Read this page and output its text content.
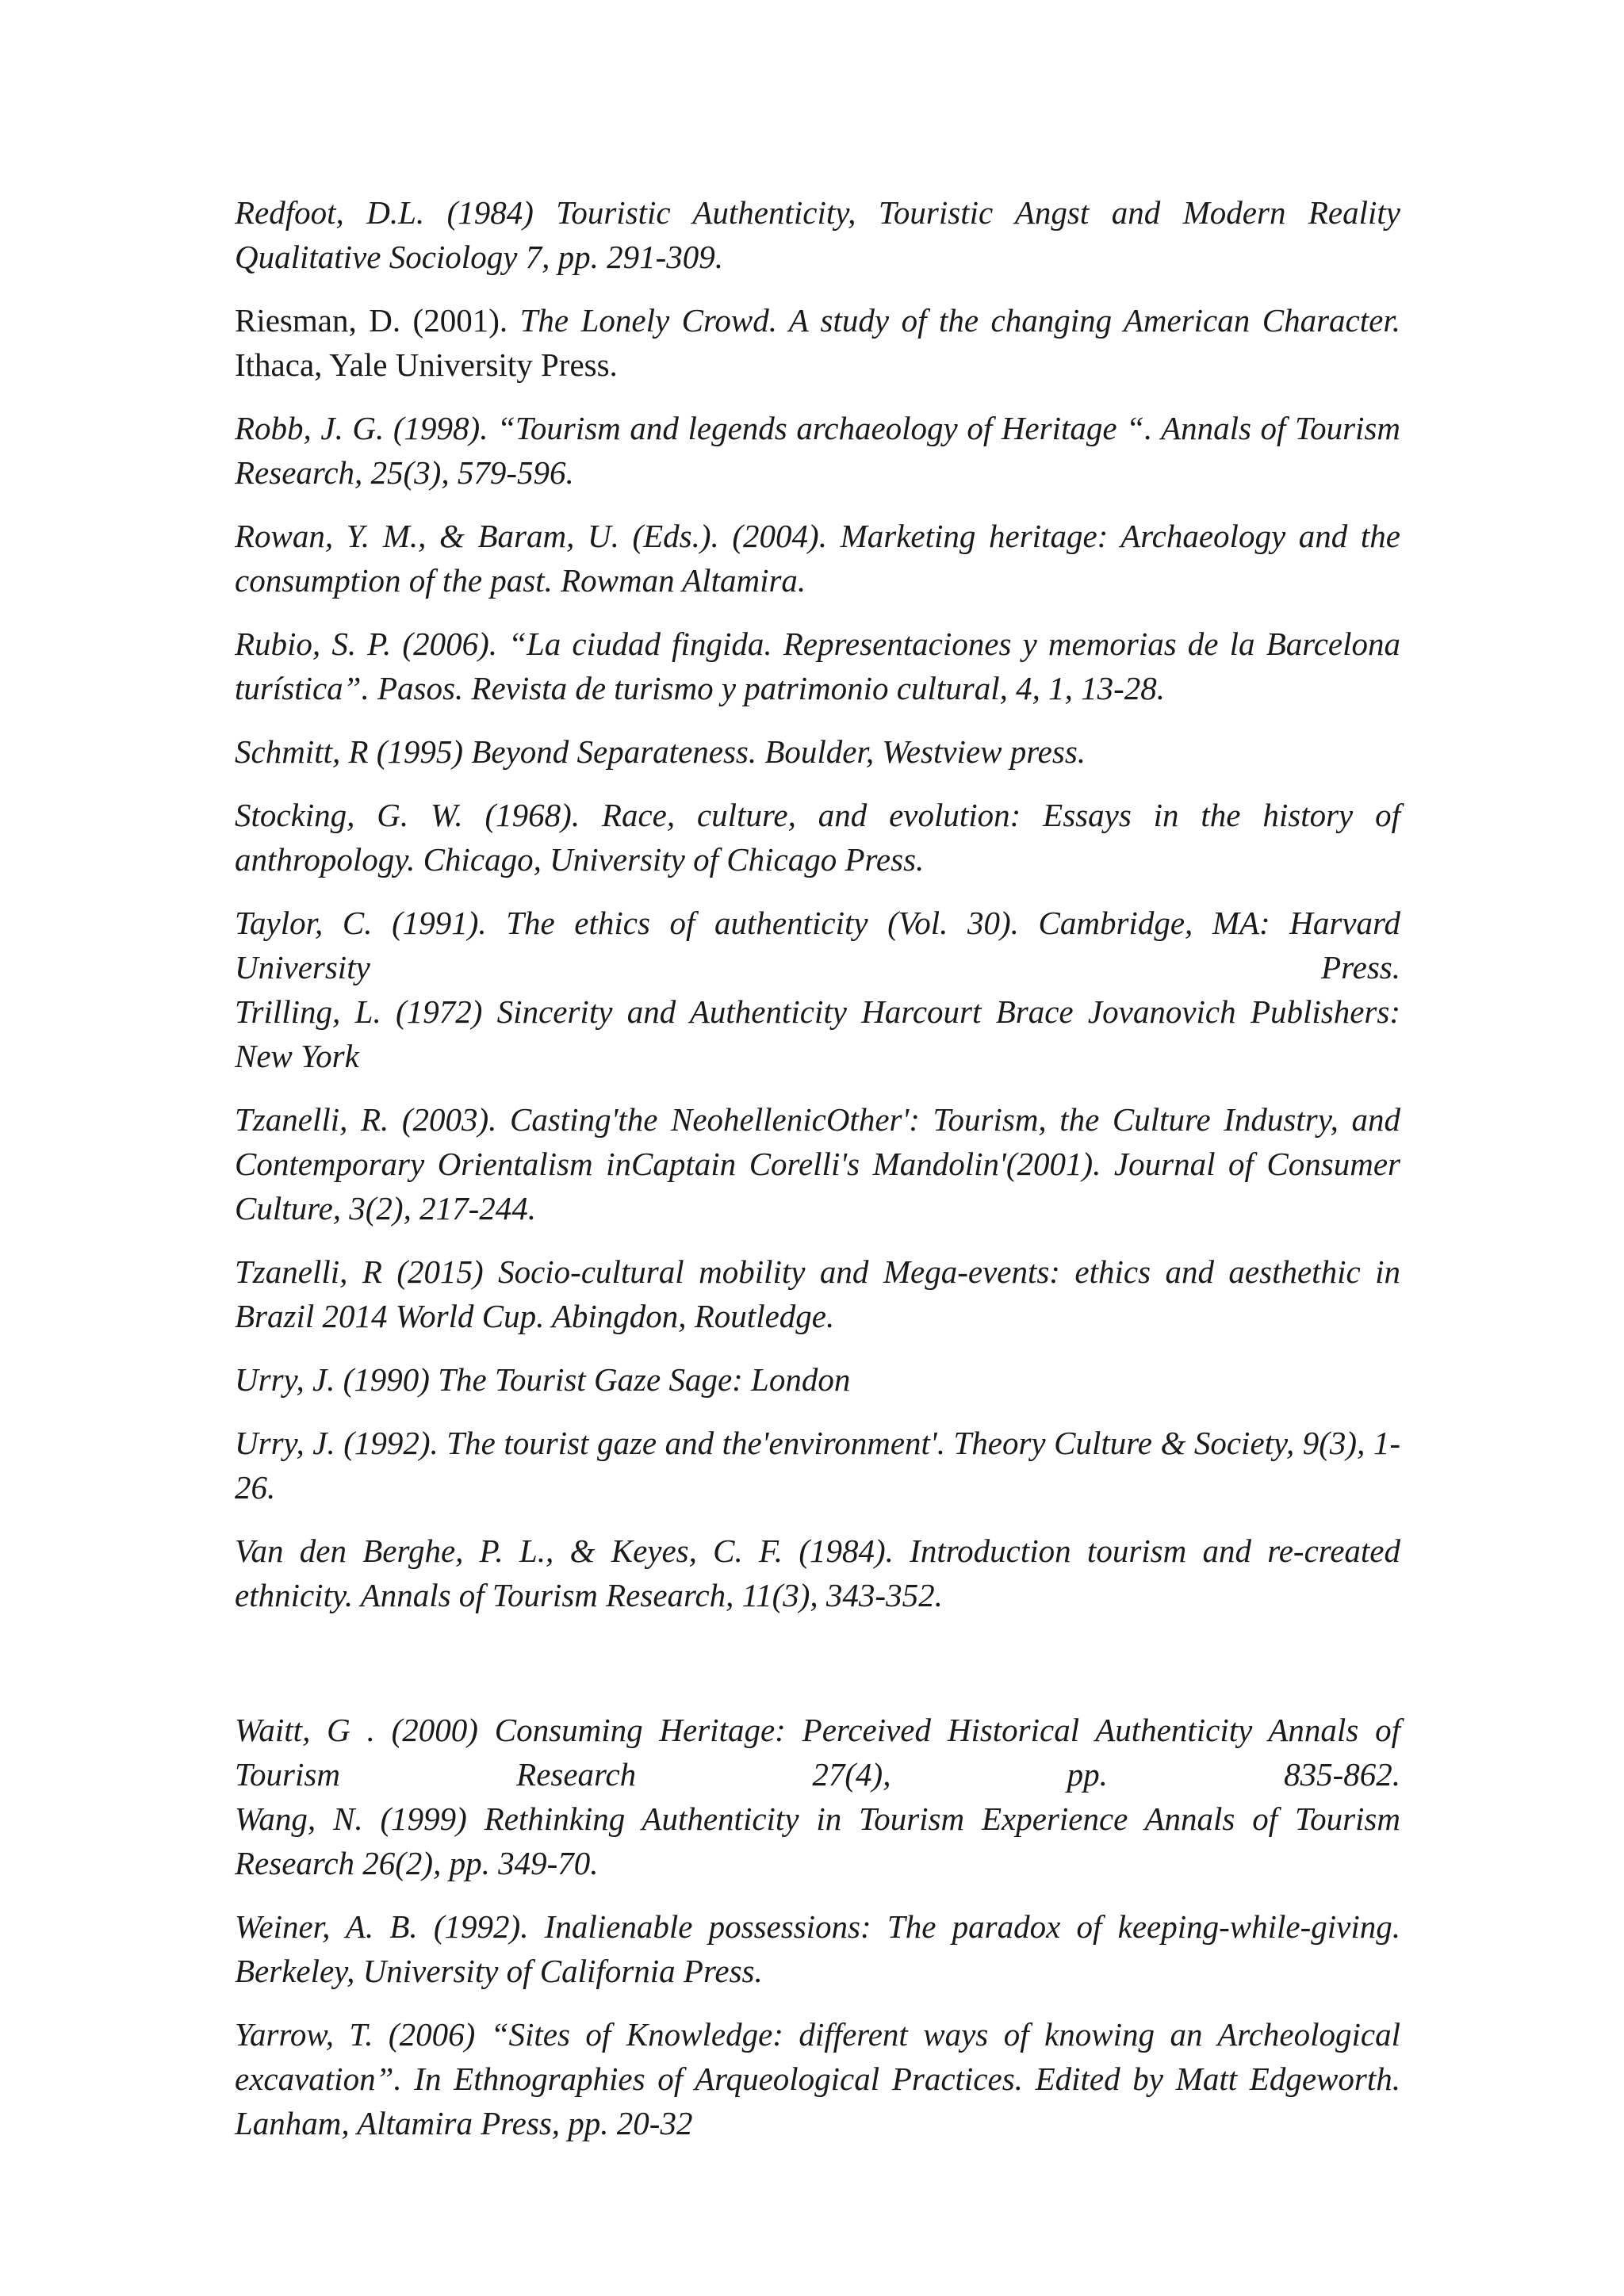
Redfoot, D.L. (1984) Touristic Authenticity, Touristic Angst and Modern Reality Qualitative Sociology 7, pp. 291-309.

Riesman, D. (2001). The Lonely Crowd. A study of the changing American Character. Ithaca, Yale University Press.

Robb, J. G. (1998). “Tourism and legends archaeology of Heritage “. Annals of Tourism Research, 25(3), 579-596.

Rowan, Y. M., & Baram, U. (Eds.). (2004). Marketing heritage: Archaeology and the consumption of the past. Rowman Altamira.

Rubio, S. P. (2006). “La ciudad fingida. Representaciones y memorias de la Barcelona turística”. Pasos. Revista de turismo y patrimonio cultural, 4, 1, 13-28.

Schmitt, R (1995) Beyond Separateness. Boulder, Westview press.

Stocking, G. W. (1968). Race, culture, and evolution: Essays in the history of anthropology. Chicago, University of Chicago Press.

Taylor, C. (1991). The ethics of authenticity (Vol. 30). Cambridge, MA: Harvard University Press.

Trilling, L. (1972) Sincerity and Authenticity Harcourt Brace Jovanovich Publishers: New York

Tzanelli, R. (2003). Casting'the NeohellenicOther': Tourism, the Culture Industry, and Contemporary Orientalism inCaptain Corelli's Mandolin'(2001). Journal of Consumer Culture, 3(2), 217-244.

Tzanelli, R (2015) Socio-cultural mobility and Mega-events: ethics and aesthethic in Brazil 2014 World Cup. Abingdon, Routledge.

Urry, J. (1990) The Tourist Gaze Sage: London

Urry, J. (1992). The tourist gaze and the'environment'. Theory Culture & Society, 9(3), 1-26.

Van den Berghe, P. L., & Keyes, C. F. (1984). Introduction tourism and re-created ethnicity. Annals of Tourism Research, 11(3), 343-352.

Waitt, G . (2000) Consuming Heritage: Perceived Historical Authenticity Annals of Tourism Research 27(4), pp. 835-862.

Wang, N. (1999) Rethinking Authenticity in Tourism Experience Annals of Tourism Research 26(2), pp. 349-70.

Weiner, A. B. (1992). Inalienable possessions: The paradox of keeping-while-giving. Berkeley, University of California Press.

Yarrow, T. (2006) “Sites of Knowledge: different ways of knowing an Archeological excavation”. In Ethnographies of Arqueological Practices. Edited by Matt Edgeworth. Lanham, Altamira Press, pp. 20-32
